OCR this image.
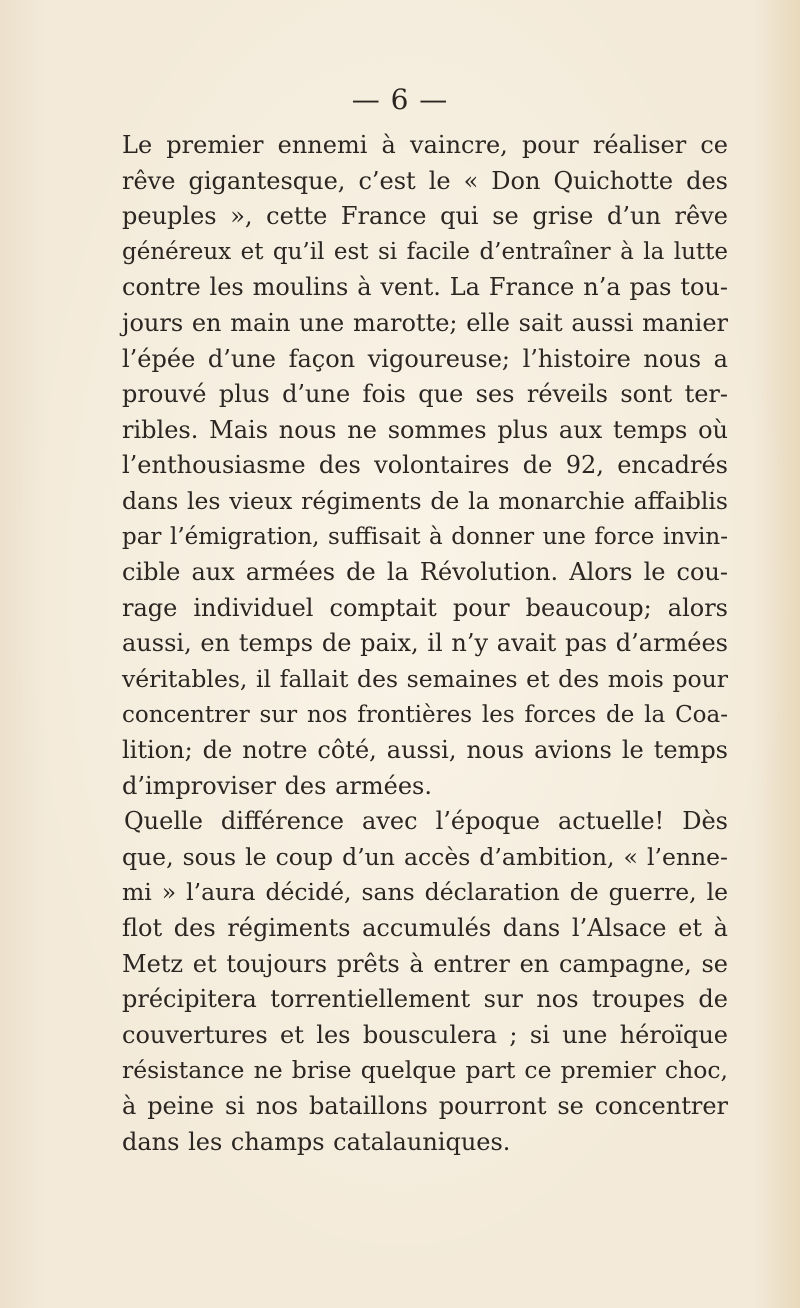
— 6 —
Le premier ennemi à vaincre, pour réaliser ce
rêve gigantesque, c’est le « Don Quichotte des
peuples », cette France qui se grise d’un rêve
généreux et qu’il est si facile d’entraîner à la lutte
contre les moulins à vent. La France n’a pas tou-
jours en main une marotte; elle sait aussi manier
l’épée d’une façon vigoureuse; l’histoire nous a
prouvé plus d’une fois que ses réveils sont ter-
ribles. Mais nous ne sommes plus aux temps où
l’enthousiasme des volontaires de 92, encadrés
dans les vieux régiments de la monarchie affaiblis
par l’émigration, suffisait à donner une force invin-
cible aux armées de la Révolution. Alors le cou-
rage individuel comptait pour beaucoup; alors
aussi, en temps de paix, il n’y avait pas d’armées
véritables, il fallait des semaines et des mois pour
concentrer sur nos frontières les forces de la Coa-
lition; de notre côté, aussi, nous avions le temps
d’improviser des armées.
Quelle différence avec l’époque actuelle! Dès
que, sous le coup d’un accès d’ambition, « l’enne-
mi » l’aura décidé, sans déclaration de guerre, le
flot des régiments accumulés dans l’Alsace et à
Metz et toujours prêts à entrer en campagne, se
précipitera torrentiellement sur nos troupes de
couvertures et les bousculera ; si une héroïque
résistance ne brise quelque part ce premier choc,
à peine si nos bataillons pourront se concentrer
dans les champs catalauniques.
